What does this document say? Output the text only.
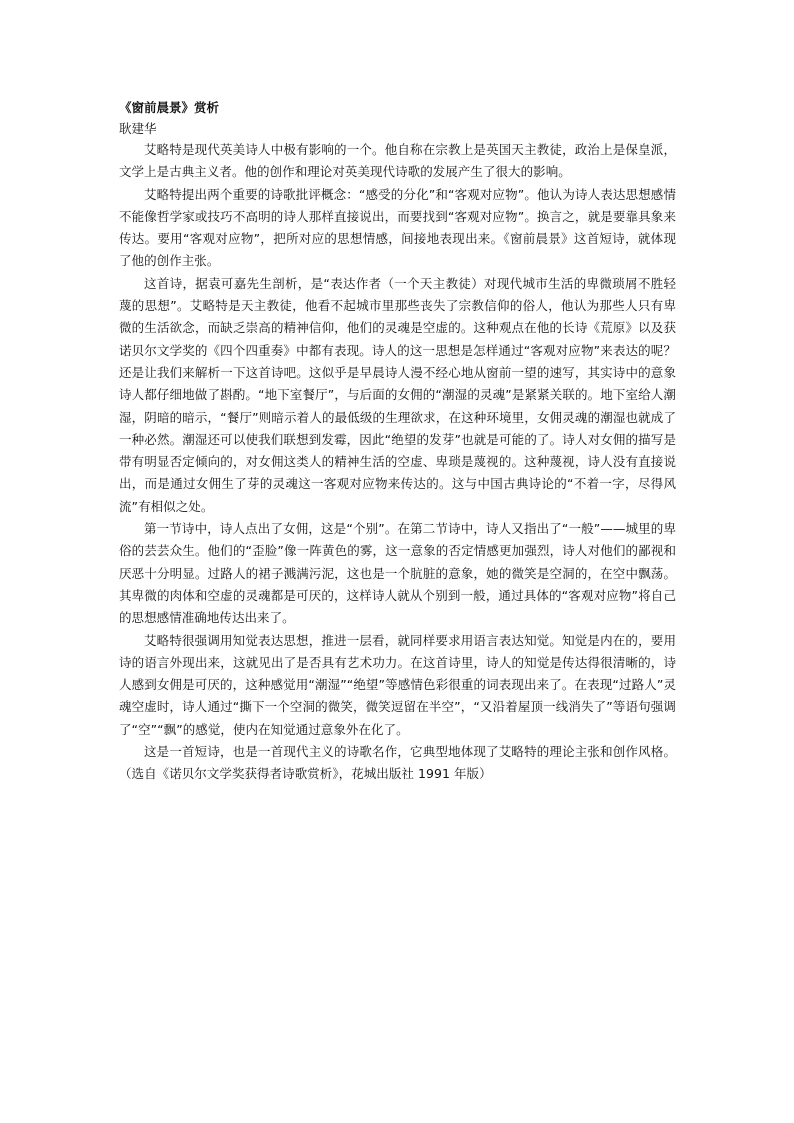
《窗前晨景》赏析

耿建华

艾略特是现代英美诗人中极有影响的一个。他自称在宗教上是英国天主教徒，政治上是保皇派，文学上是古典主义者。他的创作和理论对英美现代诗歌的发展产生了很大的影响。

艾略特提出两个重要的诗歌批评概念：“感受的分化”和“客观对应物”。他认为诗人表达思想感情不能像哲学家或技巧不高明的诗人那样直接说出，而要找到“客观对应物”。换言之，就是要靠具象来传达。要用“客观对应物”，把所对应的思想情感，间接地表现出来。《窗前晨景》这首短诗，就体现了他的创作主张。

这首诗，据袁可嘉先生剖析，是“表达作者（一个天主教徒）对现代城市生活的卑微琐屑不胜轻蔑的思想”。艾略特是天主教徒，他看不起城市里那些丧失了宗教信仰的俗人，他认为那些人只有卑微的生活欲念，而缺乏崇高的精神信仰，他们的灵魂是空虚的。这种观点在他的长诗《荒原》以及获诺贝尔文学奖的《四个四重奏》中都有表现。诗人的这一思想是怎样通过“客观对应物”来表达的呢？还是让我们来解析一下这首诗吧。这似乎是早晨诗人漫不经心地从窗前一望的速写，其实诗中的意象诗人都仔细地做了斟酌。“地下室餐厅”，与后面的女佣的“潮湿的灵魂”是紧紧关联的。地下室给人潮湿，阴暗的暗示，“餐厅”则暗示着人的最低级的生理欲求，在这种环境里，女佣灵魂的潮湿也就成了一种必然。潮湿还可以使我们联想到发霉，因此“绝望的发芽”也就是可能的了。诗人对女佣的描写是带有明显否定倾向的，对女佣这类人的精神生活的空虚、卑琐是蔑视的。这种蔑视，诗人没有直接说出，而是通过女佣生了芽的灵魂这一客观对应物来传达的。这与中国古典诗论的“不着一字，尽得风流”有相似之处。

第一节诗中，诗人点出了女佣，这是“个别”。在第二节诗中，诗人又指出了“一般”——城里的卑俗的芸芸众生。他们的“歪脸”像一阵黄色的雾，这一意象的否定情感更加强烈，诗人对他们的鄙视和厌恶十分明显。过路人的裙子溅满污泥，这也是一个肮脏的意象，她的微笑是空洞的，在空中飘荡。其卑微的肉体和空虚的灵魂都是可厌的，这样诗人就从个别到一般，通过具体的“客观对应物”将自己的思想感情准确地传达出来了。

艾略特很强调用知觉表达思想，推进一层看，就同样要求用语言表达知觉。知觉是内在的，要用诗的语言外现出来，这就见出了是否具有艺术功力。在这首诗里，诗人的知觉是传达得很清晰的，诗人感到女佣是可厌的，这种感觉用“潮湿”“绝望”等感情色彩很重的词表现出来了。在表现“过路人”灵魂空虚时，诗人通过“撕下一个空洞的微笑，微笑逗留在半空”，“又沿着屋顶一线消失了”等语句强调了“空”“飘”的感觉，使内在知觉通过意象外在化了。

这是一首短诗，也是一首现代主义的诗歌名作，它典型地体现了艾略特的理论主张和创作风格。（选自《诺贝尔文学奖获得者诗歌赏析》，花城出版社 1991 年版）
